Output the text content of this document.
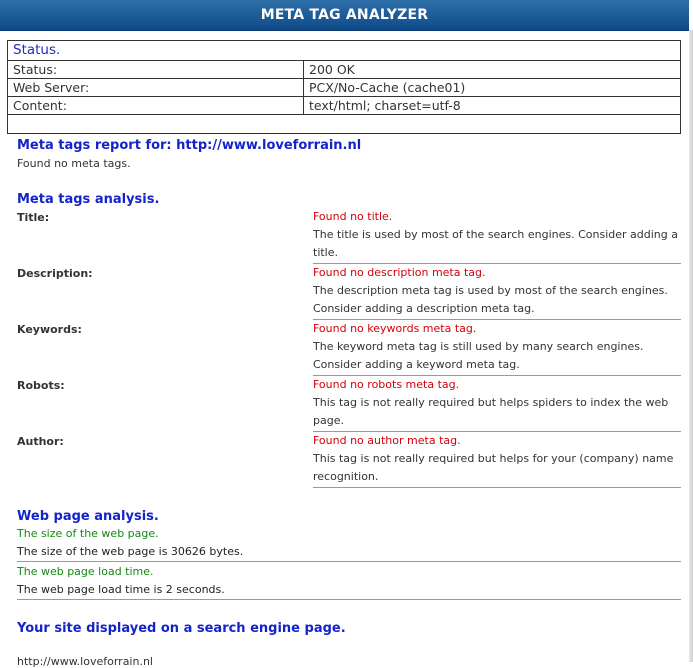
META TAG ANALYZER
Status.	
Status:	200 OK
Web Server:	PCX/No-Cache (cache01)
Content:	text/html; charset=utf-8

Meta tags report for: http://www.loveforrain.nl
Found no meta tags.
Meta tags analysis.
Title:	Found no title.
The title is used by most of the search engines. Consider adding a title.
Description:	Found no description meta tag.
The description meta tag is used by most of the search engines. Consider adding a description meta tag.
Keywords:	Found no keywords meta tag.
The keyword meta tag is still used by many search engines. Consider adding a keyword meta tag.
Robots:	Found no robots meta tag.
This tag is not really required but helps spiders to index the web page.
Author:	Found no author meta tag.
This tag is not really required but helps for your (company) name recognition.
Web page analysis.
The size of the web page.
The size of the web page is 30626 bytes.
The web page load time.
The web page load time is 2 seconds.
Your site displayed on a search engine page.
http://www.loveforrain.nl
